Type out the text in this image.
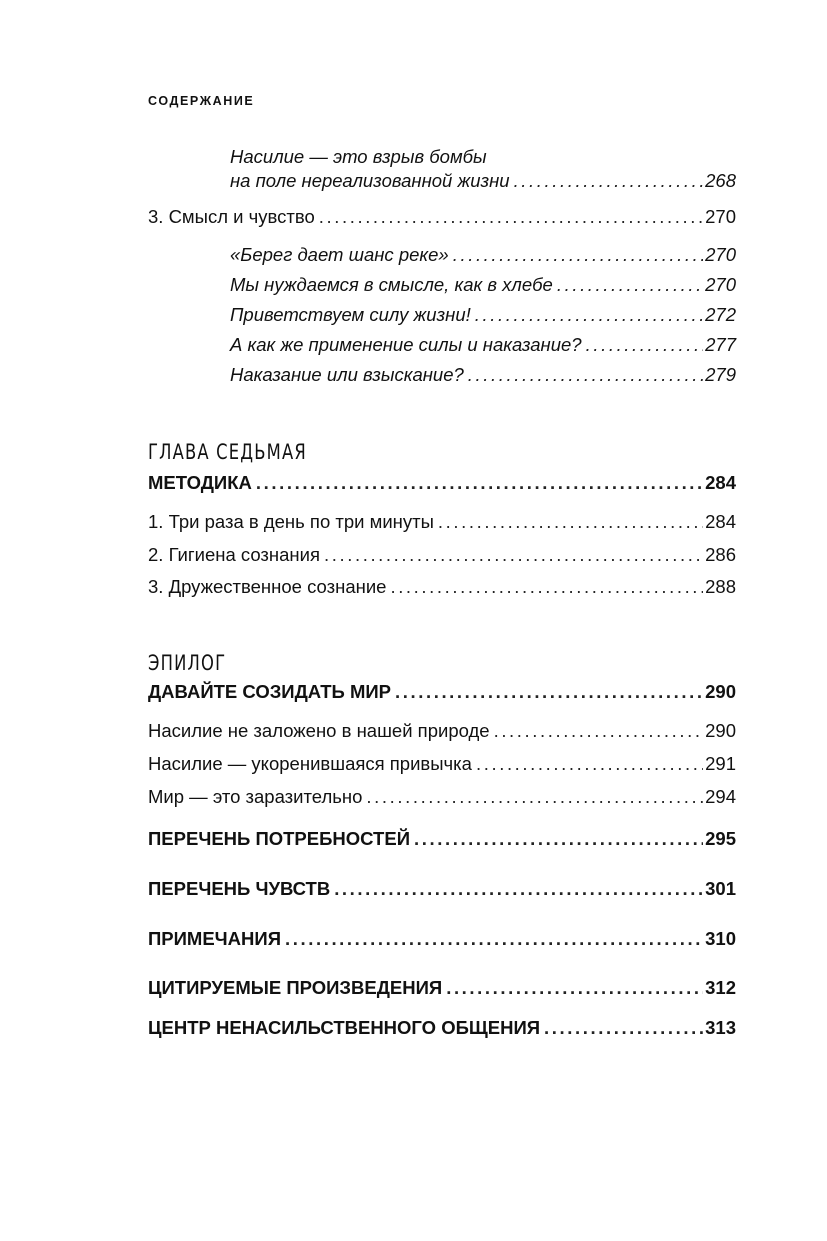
СОДЕРЖАНИЕ
Насилие — это взрыв бомбы
на поле нереализованной жизни .....	268
3. Смысл и чувство .....	270
«Берег дает шанс реке» .....	270
Мы нуждаемся в смысле, как в хлебе .....	270
Приветствуем силу жизни! .....	272
А как же применение силы и наказание? .....	277
Наказание или взыскание? .....	279
ГЛАВА СЕДЬМАЯ
МЕТОДИКА .....	284
1. Три раза в день по три минуты .....	284
2. Гигиена сознания .....	286
3. Дружественное сознание .....	288
ЭПИЛОГ
ДАВАЙТЕ СОЗИДАТЬ МИР .....	290
Насилие не заложено в нашей природе .....	290
Насилие — укоренившаяся привычка .....	291
Мир — это заразительно .....	294
ПЕРЕЧЕНЬ ПОТРЕБНОСТЕЙ .....	295
ПЕРЕЧЕНЬ ЧУВСТВ .....	301
ПРИМЕЧАНИЯ .....	310
ЦИТИРУЕМЫЕ ПРОИЗВЕДЕНИЯ .....	312
ЦЕНТР НЕНАСИЛЬСТВЕННОГО ОБЩЕНИЯ .....	313
